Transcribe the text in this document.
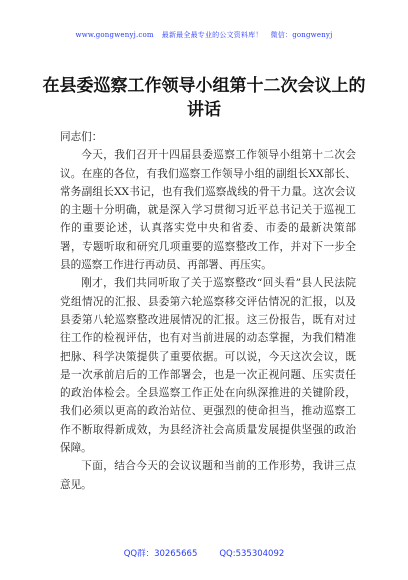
www.gongwenyj.com 最新最全最专业的公文资料库！ 微信：gongwenyj
在县委巡察工作领导小组第十二次会议上的讲话

同志们：

今天，我们召开十四届县委巡察工作领导小组第十二次会议。在座的各位，有我们巡察工作领导小组的副组长XX部长、常务副组长XX书记，也有我们巡察战线的骨干力量。这次会议的主题十分明确，就是深入学习贯彻习近平总书记关于巡视工作的重要论述，认真落实党中央和省委、市委的最新决策部署，专题听取和研究几项重要的巡察整改工作，并对下一步全县的巡察工作进行再动员、再部署、再压实。

刚才，我们共同听取了关于巡察整改“回头看”县人民法院党组情况的汇报、县委第六轮巡察移交评估情况的汇报，以及县委第八轮巡察整改进展情况的汇报。这三份报告，既有对过往工作的检视评估，也有对当前进展的动态掌握，为我们精准把脉、科学决策提供了重要依据。可以说，今天这次会议，既是一次承前启后的工作部署会，也是一次正视问题、压实责任的政治体检会。全县巡察工作正处在向纵深推进的关键阶段，我们必须以更高的政治站位、更强烈的使命担当，推动巡察工作不断取得新成效，为县经济社会高质量发展提供坚强的政治保障。

下面，结合今天的会议议题和当前的工作形势，我讲三点意见。

QQ群：30265665	QQ:535304092
